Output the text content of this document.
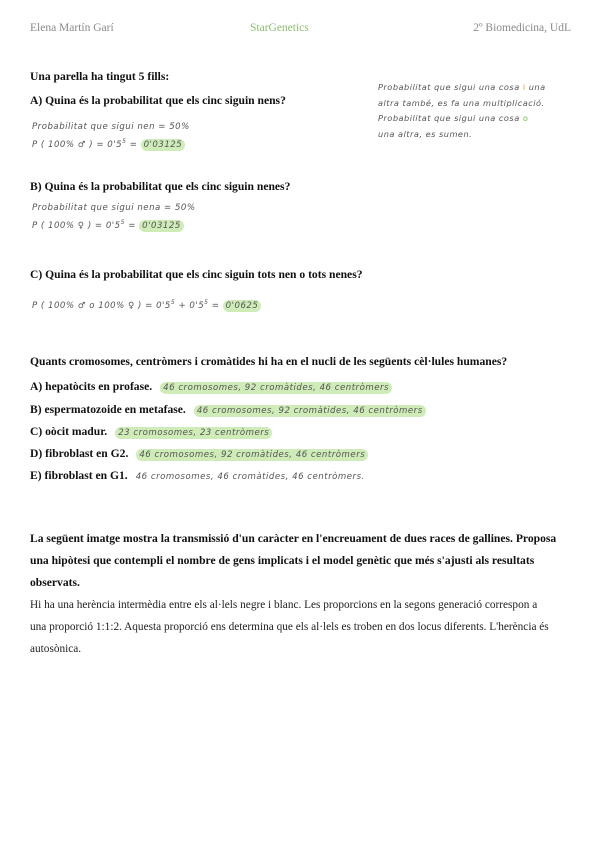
Elena Martín Garí	StarGenetics	2º Biomedicina, UdL
Una parella ha tingut 5 fills:
A) Quina és la probabilitat que els cinc siguin nens?
Probabilitat que sigui una cosa i una
altra també, es fa una multiplicació.
Probabilitat que sigui una cosa o
una altra, es sumen.
Probabilitat que sigui nen = 50%
P ( 100% ♂ ) = $0'5^5 = 0'03125$
B) Quina és la probabilitat que els cinc siguin nenes?
Probabilitat que sigui nena = 50%
P ( 100% ♀ ) = $0'5^5 = 0'03125$
C) Quina és la probabilitat que els cinc siguin tots nen o tots nenes?
P ( 100% ♂ o 100% ♀ ) = $0'5^5 + 0'5^5 = 0'0625$
Quants cromosomes, centròmers i cromàtides hi ha en el nucli de les següents cèl·lules humanes?
A) hepatòcits en profase. 46 cromosomes, 92 cromàtides, 46 centròmers
B) espermatozoide en metafase. 46 cromosomes, 92 cromàtides, 46 centròmers
C) oòcit madur. 23 cromosomes, 23 centròmers
D) fibroblast en G2. 46 cromosomes, 92 cromàtides, 46 centròmers
E) fibroblast en G1. 46 cromosomes, 46 cromàtides, 46 centròmers.
La següent imatge mostra la transmissió d'un caràcter en l'encreuament de dues races de gallines. Proposa una hipòtesi que contempli el nombre de gens implicats i el model genètic que més s'ajusti als resultats observats.
Hi ha una herència intermèdia entre els al·lels negre i blanc. Les proporcions en la segons generació correspon a una proporció 1:1:2. Aquesta proporció ens determina que els al·lels es troben en dos locus diferents. L'herència és autosònica.
